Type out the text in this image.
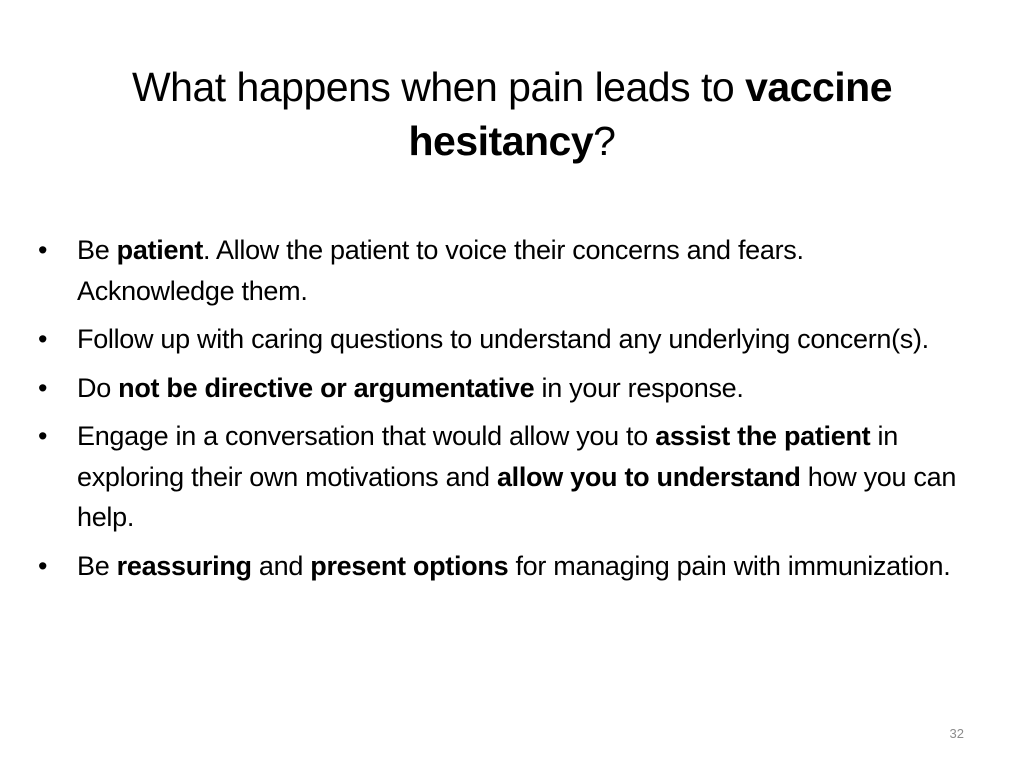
What happens when pain leads to vaccine hesitancy?
• Be patient. Allow the patient to voice their concerns and fears. Acknowledge them.
• Follow up with caring questions to understand any underlying concern(s).
• Do not be directive or argumentative in your response.
• Engage in a conversation that would allow you to assist the patient in exploring their own motivations and allow you to understand how you can help.
• Be reassuring and present options for managing pain with immunization.
32
